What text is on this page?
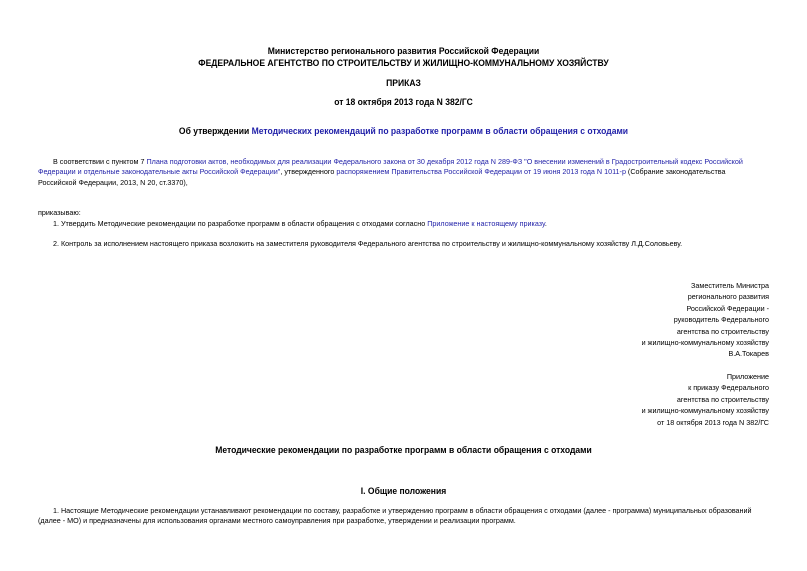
Министерство регионального развития Российской Федерации
ФЕДЕРАЛЬНОЕ АГЕНТСТВО ПО СТРОИТЕЛЬСТВУ И ЖИЛИЩНО-КОММУНАЛЬНОМУ ХОЗЯЙСТВУ
ПРИКАЗ
от 18 октября 2013 года N 382/ГС
Об утверждении Методических рекомендаций по разработке программ в области обращения с отходами
В соответствии с пунктом 7 Плана подготовки актов, необходимых для реализации Федерального закона от 30 декабря 2012 года N 289-ФЗ "О внесении изменений в Градостроительный кодекс Российской
Федерации и отдельные законодательные акты Российской Федерации", утвержденного распоряжением Правительства Российской Федерации от 19 июня 2013 года N 1011-р (Собрание законодательства
Российской Федерации, 2013, N 20, ст.3370),
приказываю:
1. Утвердить Методические рекомендации по разработке программ в области обращения с отходами согласно Приложение к настоящему приказу.
2. Контроль за исполнением настоящего приказа возложить на заместителя руководителя Федерального агентства по строительству и жилищно-коммунальному хозяйству Л.Д.Соловьеву.
Заместитель Министра
регионального развития
Российской Федерации -
руководитель Федерального
агентства по строительству
и жилищно-коммунальному хозяйству
В.А.Токарев
Приложение
к приказу Федерального
агентства по строительству
и жилищно-коммунальному хозяйству
от 18 октября 2013 года N 382/ГС
Методические рекомендации по разработке программ в области обращения с отходами
I. Общие положения
1. Настоящие Методические рекомендации устанавливают рекомендации по составу, разработке и утверждению программ в области обращения с отходами (далее - программа) муниципальных образований
(далее - МО) и предназначены для использования органами местного самоуправления при разработке, утверждении и реализации программ.
